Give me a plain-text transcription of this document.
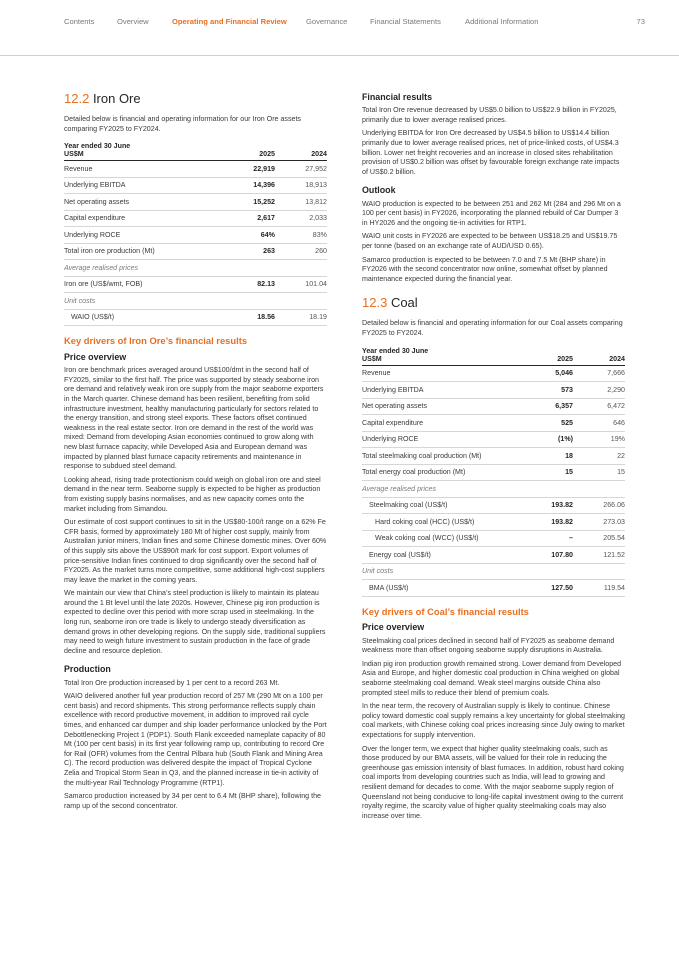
Contents	Overview	Operating and Financial Review	Governance	Financial Statements	Additional Information	73
12.2 Iron Ore

Detailed below is financial and operating information for our Iron Ore assets comparing FY2025 to FY2024.

Year ended 30 June
US$M	2025	2024
Revenue	22,919	27,952
Underlying EBITDA	14,396	18,913
Net operating assets	15,252	13,812
Capital expenditure	2,617	2,033
Underlying ROCE	64%	83%
Total iron ore production (Mt)	263	260
Average realised prices		
Iron ore (US$/wmt, FOB)	82.13	101.04
Unit costs		
WAIO (US$/t)	18.56	18.19
Key drivers of Iron Ore’s financial results
Price overview

Iron ore benchmark prices averaged around US$100/dmt in the second half of FY2025, similar to the first half. The price was supported by steady seaborne iron ore demand and relatively weak iron ore supply from the major seaborne exporters in the March quarter. Chinese demand has been resilient, benefiting from solid infrastructure investment, healthy manufacturing particularly for sectors related to the energy transition, and strong steel exports. These factors offset continued weakness in the real estate sector. Iron ore demand in the rest of the world was mixed: Demand from developing Asian economies continued to grow along with new blast furnace capacity, while Developed Asia and European demand was impacted by planned blast furnace capacity retirements and maintenance in response to subdued steel demand.

Looking ahead, rising trade protectionism could weigh on global iron ore and steel demand in the near term. Seaborne supply is expected to be higher as production from existing supply basins normalises, and as new capacity comes onto the market including from Simandou.

Our estimate of cost support continues to sit in the US$80-100/t range on a 62% Fe CFR basis, formed by approximately 180 Mt of higher cost supply, mainly from Australian junior miners, Indian fines and some Chinese domestic mines. Over 60% of this supply sits above the US$90/t mark for cost support. Export volumes of price-sensitive Indian fines continued to drop significantly over the second half of FY2025. As the market turns more competitive, some additional high-cost suppliers may leave the market in the coming years.

We maintain our view that China’s steel production is likely to maintain its plateau around the 1 Bt level until the late 2020s. However, Chinese pig iron production is expected to decline over this period with more scrap used in steelmaking. In the long run, seaborne iron ore trade is likely to undergo steady diversification as demand grows in other developing regions. On the supply side, traditional suppliers may need to weigh future investment to sustain production in the face of grade decline and resource depletion.

Production

Total Iron Ore production increased by 1 per cent to a record 263 Mt.

WAIO delivered another full year production record of 257 Mt (290 Mt on a 100 per cent basis) and record shipments. This strong performance reflects supply chain excellence with record productive movement, in addition to improved rail cycle times, and enhanced car dumper and ship loader performance unlocked by the Port Debottlenecking Project 1 (PDP1). South Flank exceeded nameplate capacity of 80 Mt (100 per cent basis) in its first year following ramp up, contributing to record Ore for Rail (OFR) volumes from the Central Pilbara hub (South Flank and Mining Area C). The record production was delivered despite the impact of Tropical Cyclone Zelia and Tropical Storm Sean in Q3, and the planned increase in tie-in activity of the multi-year Rail Technology Programme (RTP1).

Samarco production increased by 34 per cent to 6.4 Mt (BHP share), following the ramp up of the second concentrator.

Financial results

Total Iron Ore revenue decreased by US$5.0 billion to US$22.9 billion in FY2025, primarily due to lower average realised prices.

Underlying EBITDA for Iron Ore decreased by US$4.5 billion to US$14.4 billion primarily due to lower average realised prices, net of price-linked costs, of US$4.3 billion. Lower net freight recoveries and an increase in closed sites rehabilitation provision of US$0.2 billion was offset by favourable foreign exchange rate impacts of US$0.2 billion.

Outlook

WAIO production is expected to be between 251 and 262 Mt (284 and 296 Mt on a 100 per cent basis) in FY2026, incorporating the planned rebuild of Car Dumper 3 in HY2026 and the ongoing tie-in activities for RTP1.

WAIO unit costs in FY2026 are expected to be between US$18.25 and US$19.75 per tonne (based on an exchange rate of AUD/USD 0.65).

Samarco production is expected to be between 7.0 and 7.5 Mt (BHP share) in FY2026 with the second concentrator now online, somewhat offset by planned maintenance expected during the financial year.

12.3 Coal

Detailed below is financial and operating information for our Coal assets comparing FY2025 to FY2024.

Year ended 30 June
US$M	2025	2024
Revenue	5,046	7,666
Underlying EBITDA	573	2,290
Net operating assets	6,357	6,472
Capital expenditure	525	646
Underlying ROCE	(1%)	19%
Total steelmaking coal production (Mt)	18	22
Total energy coal production (Mt)	15	15
Average realised prices		
Steelmaking coal (US$/t)	193.82	266.06
Hard coking coal (HCC) (US$/t)	193.82	273.03
Weak coking coal (WCC) (US$/t)	–	205.54
Energy coal (US$/t)	107.80	121.52
Unit costs		
BMA (US$/t)	127.50	119.54
Key drivers of Coal’s financial results
Price overview

Steelmaking coal prices declined in second half of FY2025 as seaborne demand weakness more than offset ongoing seaborne supply disruptions in Australia.

Indian pig iron production growth remained strong. Lower demand from Developed Asia and Europe, and higher domestic coal production in China weighed on global seaborne steelmaking coal demand. Weak steel margins outside China also prompted steel mills to reduce their blend of premium coals.

In the near term, the recovery of Australian supply is likely to continue. Chinese policy toward domestic coal supply remains a key uncertainty for global steelmaking coal markets, with Chinese coking coal prices increasing since July owing to market expectations for supply intervention.

Over the longer term, we expect that higher quality steelmaking coals, such as those produced by our BMA assets, will be valued for their role in reducing the greenhouse gas emission intensity of blast furnaces. In addition, robust hard coking coal imports from developing countries such as India, will lead to growing and resilient demand for decades to come. With the major seaborne supply region of Queensland not being conducive to long-life capital investment owing to the current royalty regime, the scarcity value of higher quality steelmaking coals may also increase over time.
